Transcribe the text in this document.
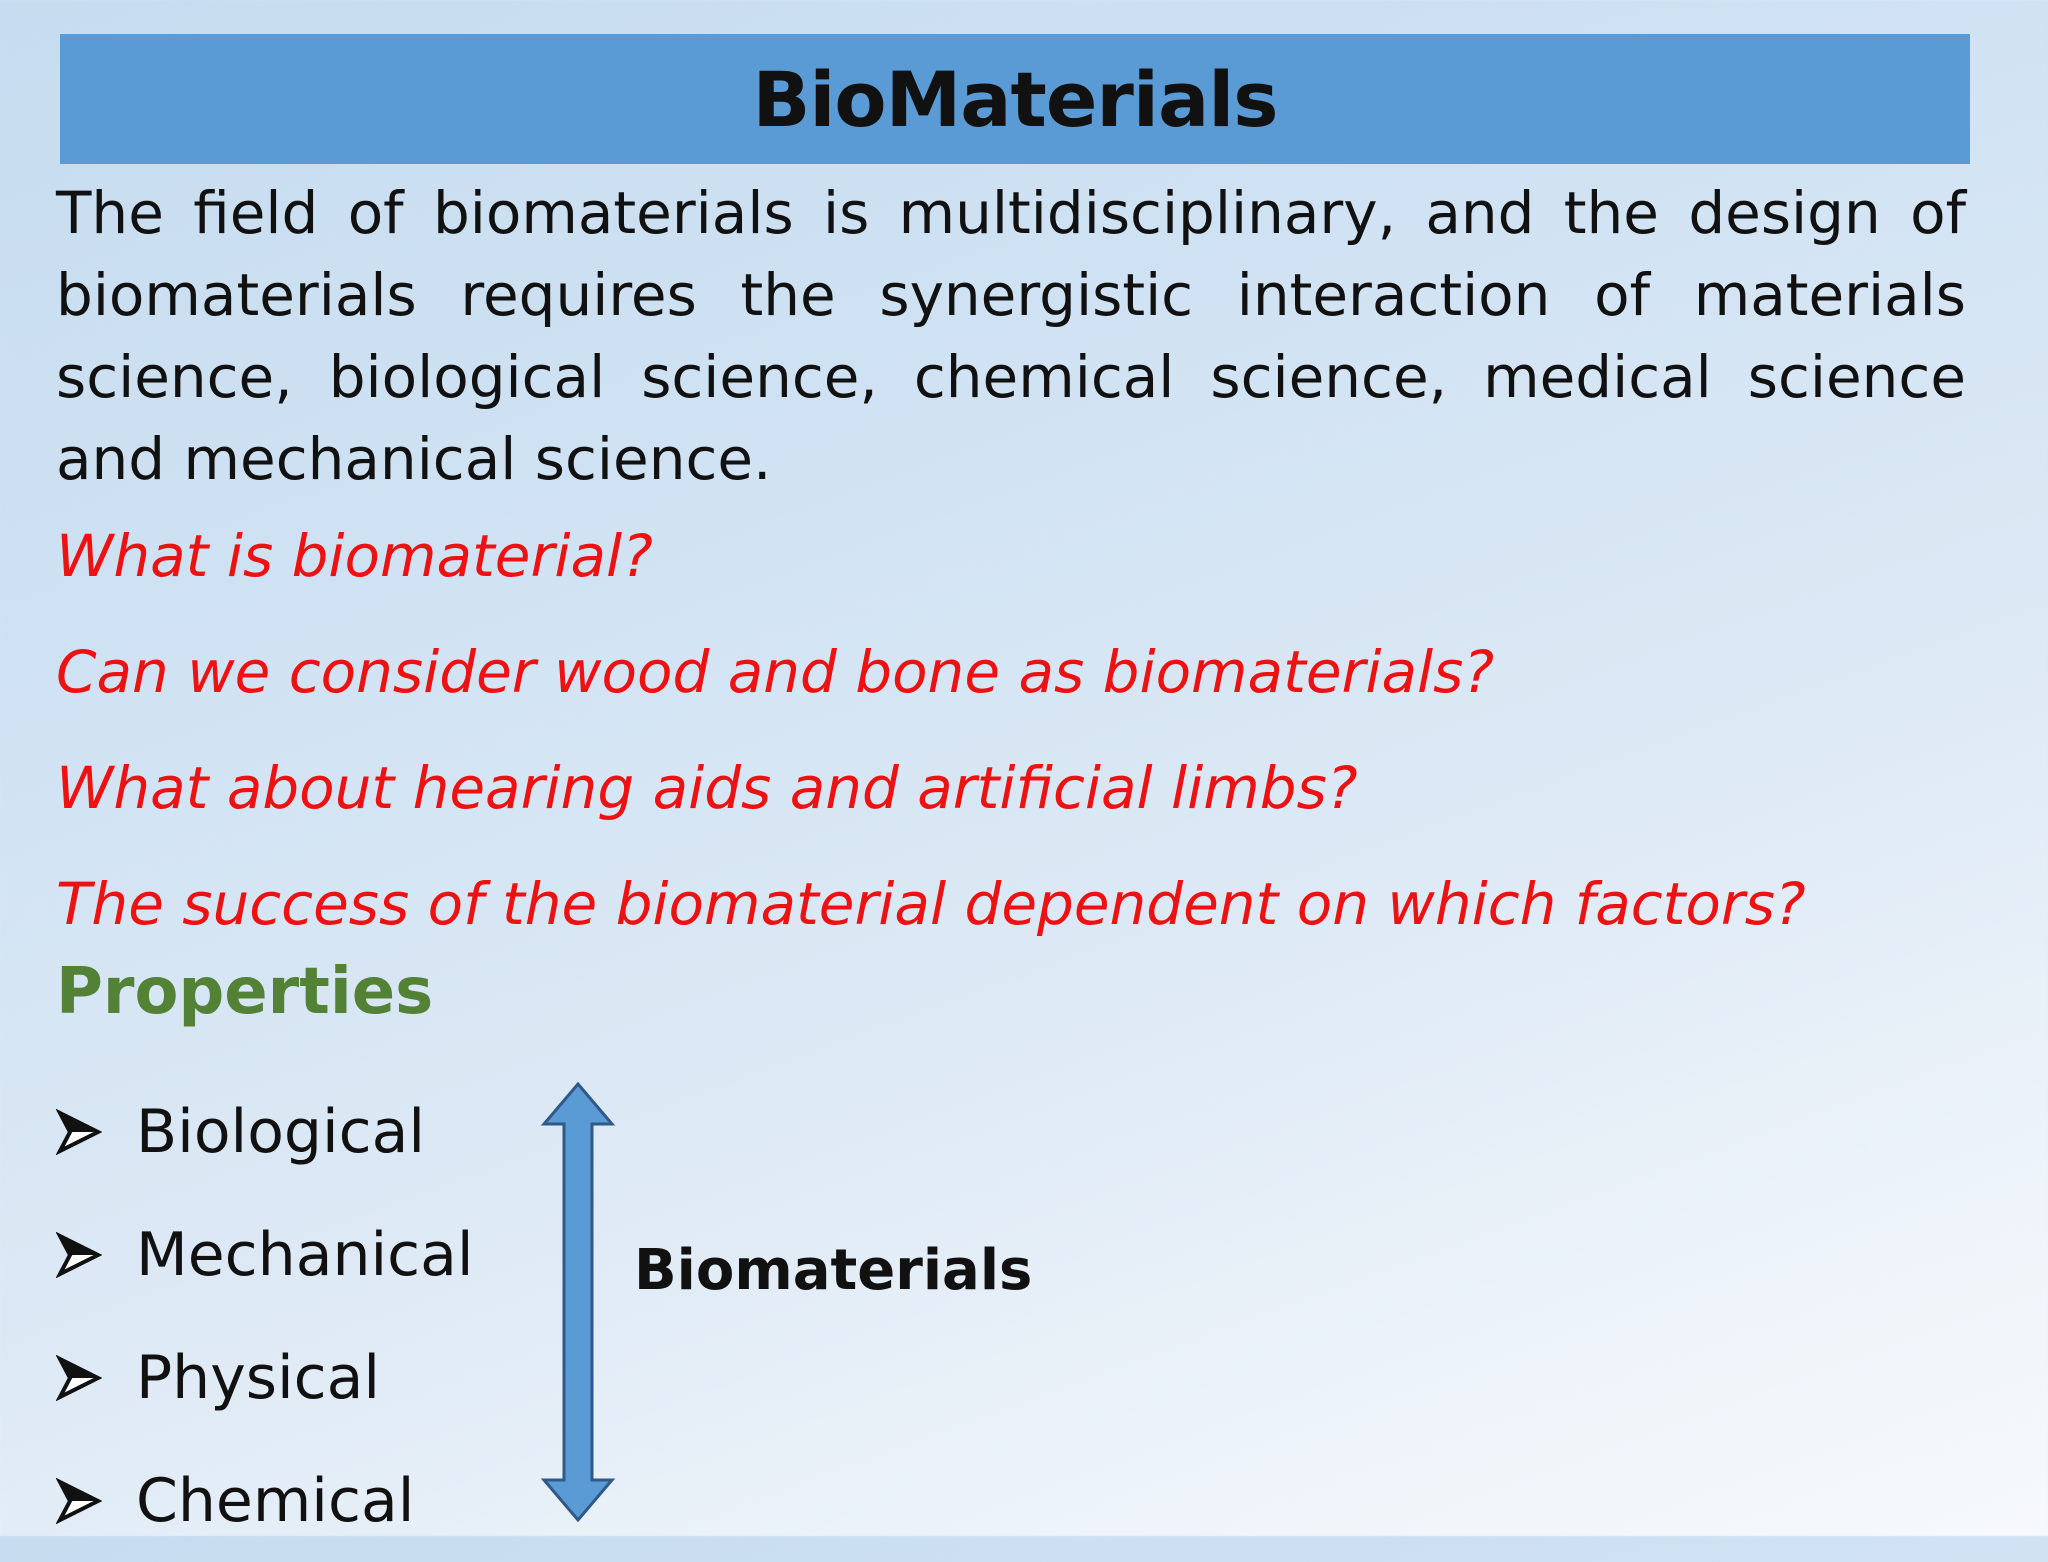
BioMaterials
The field of biomaterials is multidisciplinary, and the design of biomaterials requires the synergistic interaction of materials science, biological science, chemical science, medical science and mechanical science.
What is biomaterial?
Can we consider wood and bone as biomaterials?
What about hearing aids and artificial limbs?
The success of the biomaterial dependent on which factors?
Properties
Biological
Mechanical
Physical
Chemical
Biomaterials
